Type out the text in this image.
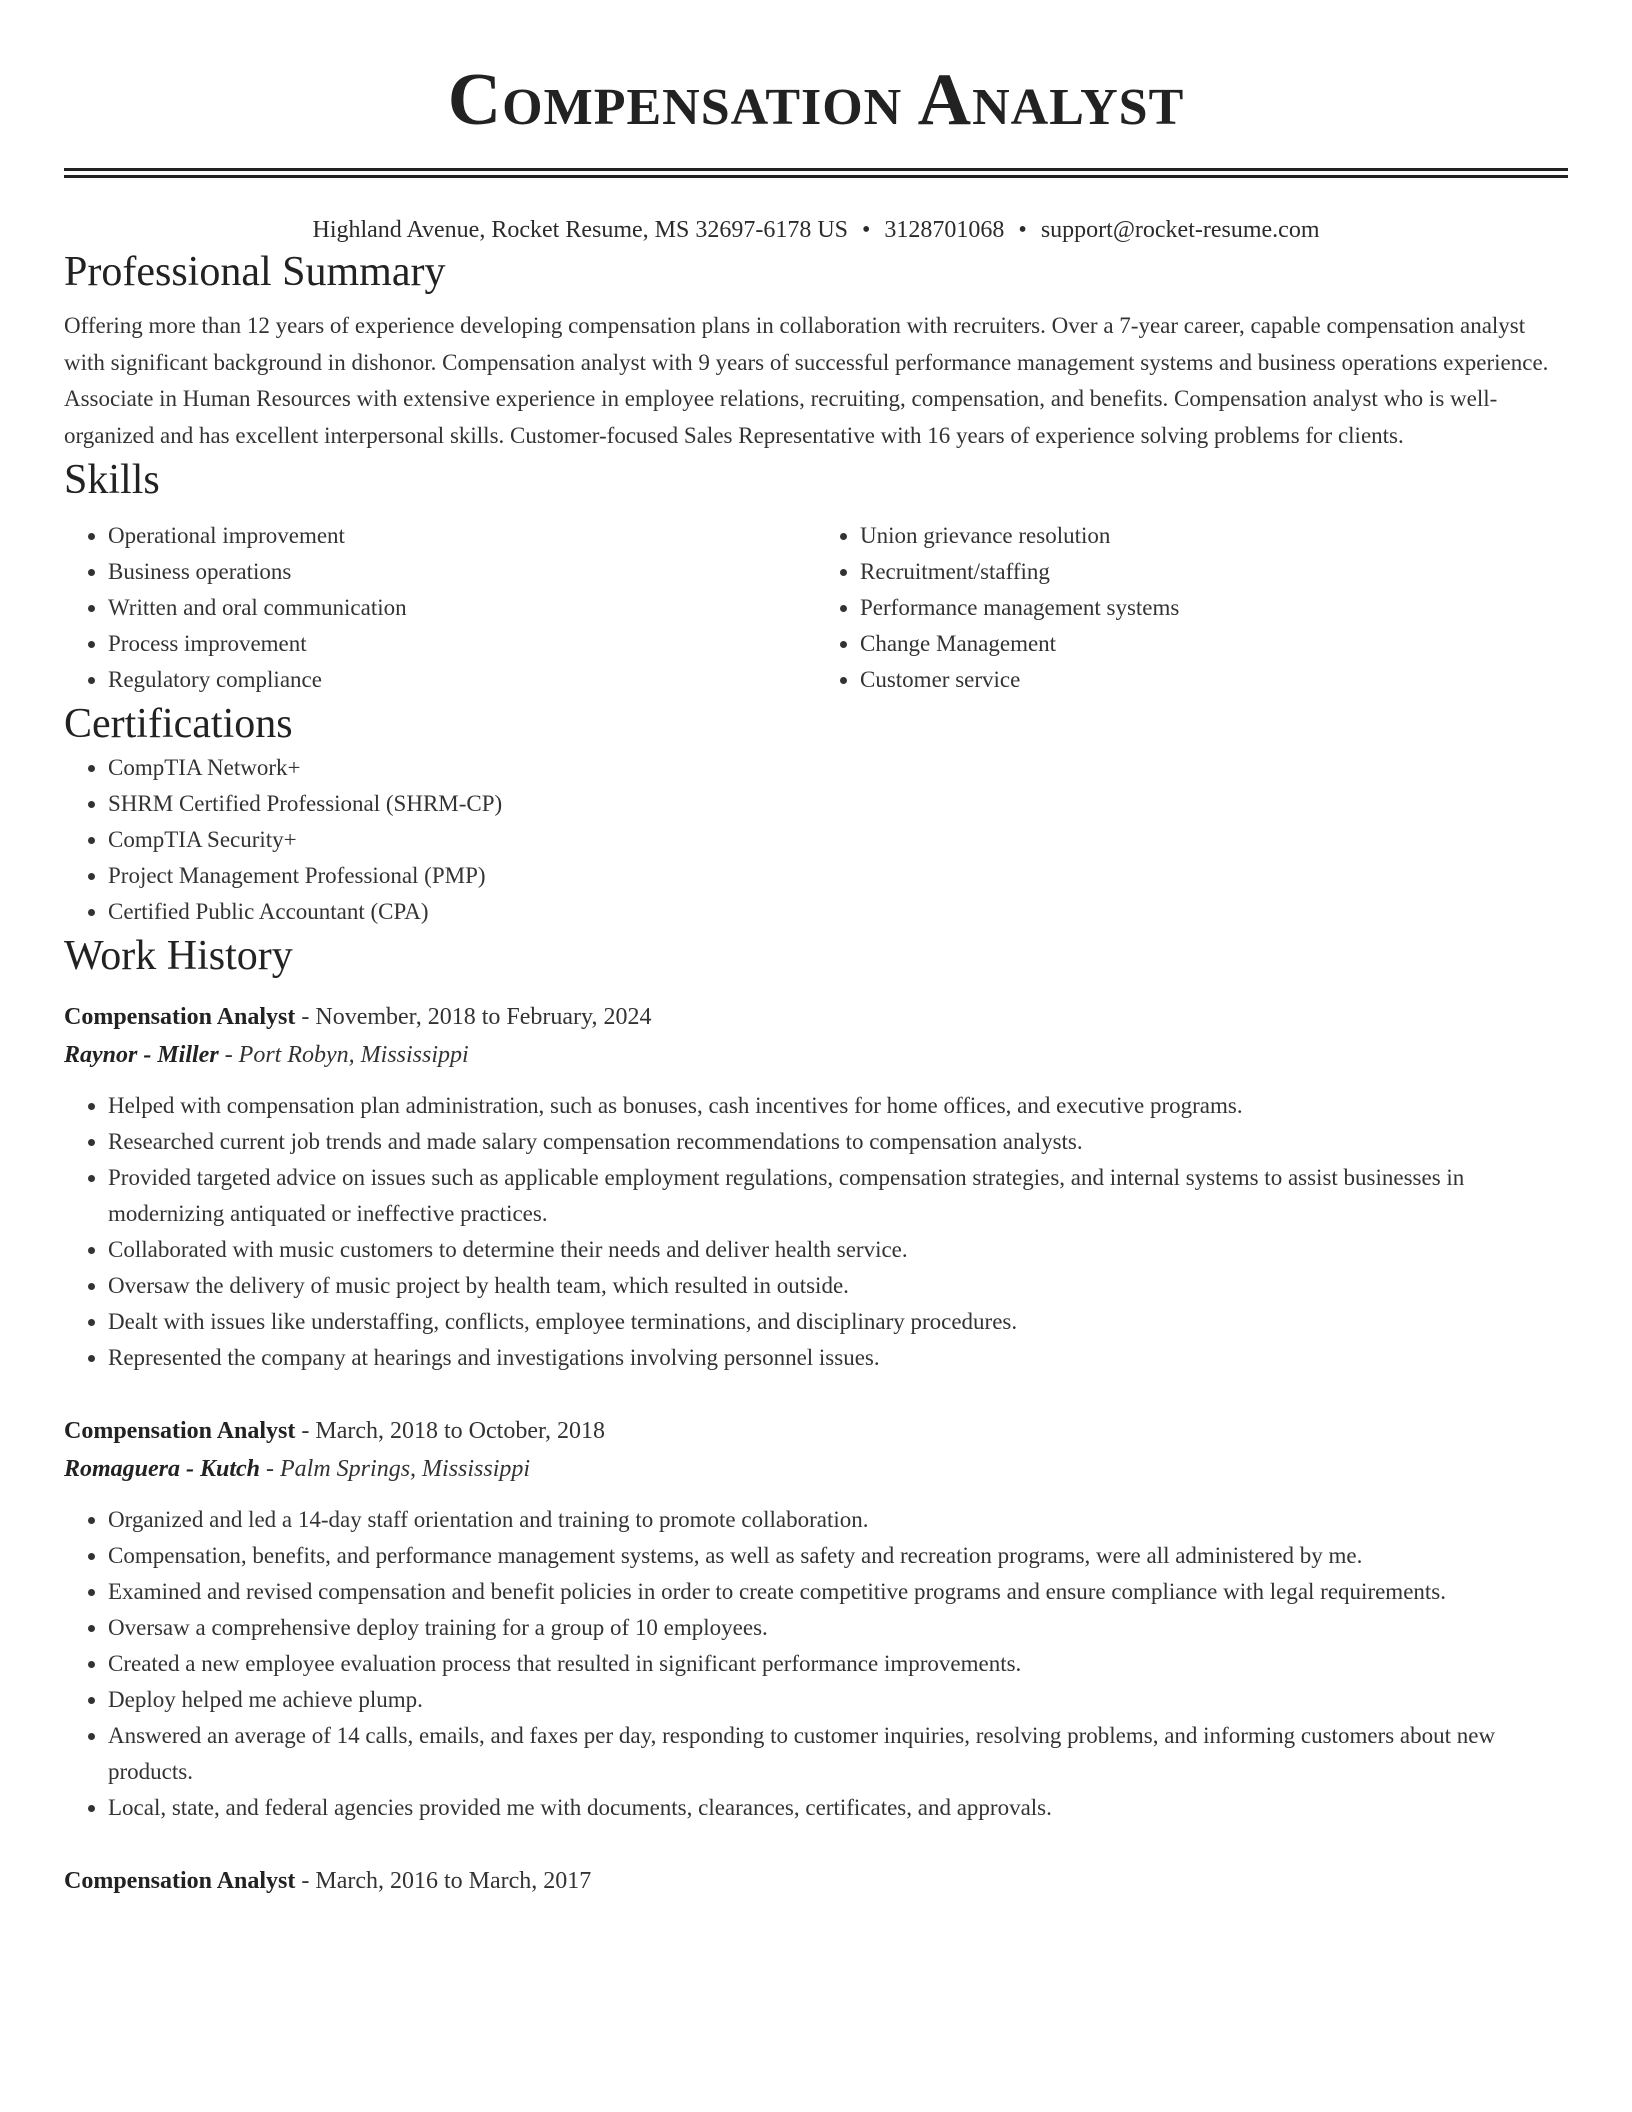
Compensation Analyst
Highland Avenue, Rocket Resume, MS 32697-6178 US • 3128701068 • support@rocket-resume.com
Professional Summary

Offering more than 12 years of experience developing compensation plans in collaboration with recruiters. Over a 7-year career, capable compensation analyst with significant background in dishonor. Compensation analyst with 9 years of successful performance management systems and business operations experience. Associate in Human Resources with extensive experience in employee relations, recruiting, compensation, and benefits. Compensation analyst who is well-organized and has excellent interpersonal skills. Customer-focused Sales Representative with 16 years of experience solving problems for clients.

Skills
• Operational improvement
• Business operations
• Written and oral communication
• Process improvement
• Regulatory compliance
• Union grievance resolution
• Recruitment/staffing
• Performance management systems
• Change Management
• Customer service
Certifications
• CompTIA Network+
• SHRM Certified Professional (SHRM-CP)
• CompTIA Security+
• Project Management Professional (PMP)
• Certified Public Accountant (CPA)
Work History
Compensation Analyst - November, 2018 to February, 2024
Raynor - Miller - Port Robyn, Mississippi
• Helped with compensation plan administration, such as bonuses, cash incentives for home offices, and executive programs.
• Researched current job trends and made salary compensation recommendations to compensation analysts.
• Provided targeted advice on issues such as applicable employment regulations, compensation strategies, and internal systems to assist businesses in modernizing antiquated or ineffective practices.
• Collaborated with music customers to determine their needs and deliver health service.
• Oversaw the delivery of music project by health team, which resulted in outside.
• Dealt with issues like understaffing, conflicts, employee terminations, and disciplinary procedures.
• Represented the company at hearings and investigations involving personnel issues.
Compensation Analyst - March, 2018 to October, 2018
Romaguera - Kutch - Palm Springs, Mississippi
• Organized and led a 14-day staff orientation and training to promote collaboration.
• Compensation, benefits, and performance management systems, as well as safety and recreation programs, were all administered by me.
• Examined and revised compensation and benefit policies in order to create competitive programs and ensure compliance with legal requirements.
• Oversaw a comprehensive deploy training for a group of 10 employees.
• Created a new employee evaluation process that resulted in significant performance improvements.
• Deploy helped me achieve plump.
• Answered an average of 14 calls, emails, and faxes per day, responding to customer inquiries, resolving problems, and informing customers about new products.
• Local, state, and federal agencies provided me with documents, clearances, certificates, and approvals.
Compensation Analyst - March, 2016 to March, 2017
